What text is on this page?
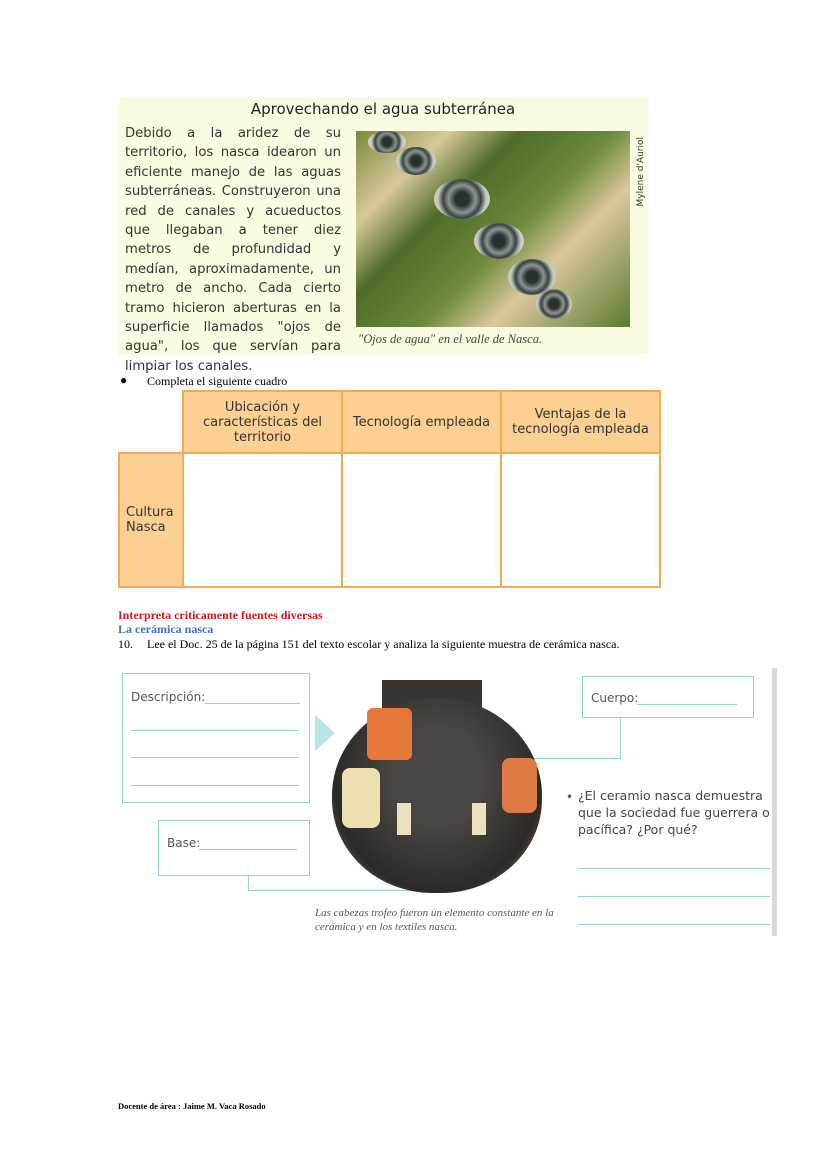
Aprovechando el agua subterránea
Debido a la aridez de su territorio, los nasca idearon un eficiente manejo de las aguas subterráneas. Construyeron una red de canales y acueductos que llegaban a tener diez metros de profundidad y medían, aproximadamente, un metro de ancho. Cada cierto tramo hicieron aberturas en la superficie llamados "ojos de agua", los que servían para limpiar los canales.
Mylene d'Auriol
"Ojos de agua" en el valle de Nasca.
● Completa el siguiente cuadro
	Ubicación y características del territorio	Tecnología empleada	Ventajas de la tecnología empleada
Cultura Nasca			
Interpreta criticamente fuentes diversas
La cerámica nasca
10. Lee el Doc. 25 de la página 151 del texto escolar y analiza la siguiente muestra de cerámica nasca.
Descripción:
Base:
Cuerpo:
• ¿El ceramio nasca demuestra que la sociedad fue guerrera o pacífica? ¿Por qué?
Las cabezas trofeo fueron un elemento constante en la cerámica y en los textiles nasca.
Docente de área : Jaime M. Vaca Rosado
